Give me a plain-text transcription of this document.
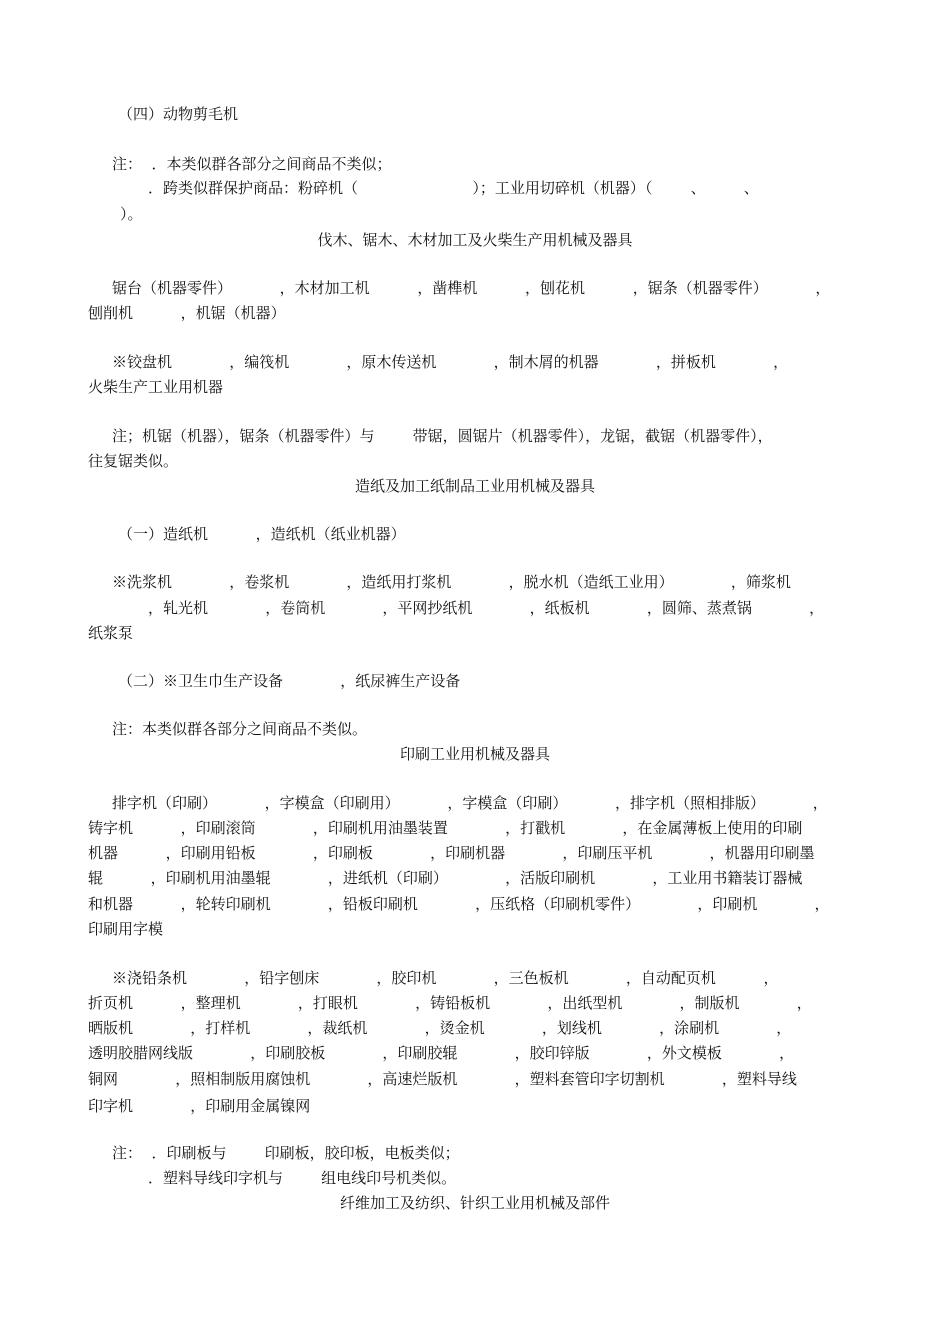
（四）动物剪毛机
注：  ．本类似群各部分之间商品不类似；
．跨类似群保护商品：粉碎机（                        ）；工业用切碎机（机器）（        、        、
）。
伐木、锯木、木材加工及火柴生产用机械及器具
锯台（机器零件）          ，木材加工机          ，凿榫机          ，刨花机          ，锯条（机器零件）          ，
刨削机          ，机锯（机器）
※铰盘机            ，编筏机            ，原木传送机            ，制木屑的机器            ，拼板机            ，
火柴生产工业用机器
注；机锯（机器），锯条（机器零件）与        带锯，圆锯片（机器零件），龙锯，截锯（机器零件），
往复锯类似。
造纸及加工纸制品工业用机械及器具
（一）造纸机          ，造纸机（纸业机器）
※洗浆机            ，卷浆机            ，造纸用打浆机            ，脱水机（造纸工业用）            ，筛浆机
，轧光机            ，卷筒机            ，平网抄纸机            ，纸板机            ，圆筛、蒸煮锅            ，
纸浆泵
（二）※卫生巾生产设备            ，纸尿裤生产设备
注：本类似群各部分之间商品不类似。
印刷工业用机械及器具
排字机（印刷）          ，字模盒（印刷用）          ，字模盒（印刷）          ，排字机（照相排版）          ，
铸字机          ，印刷滚筒            ，印刷机用油墨装置            ，打戳机            ，在金属薄板上使用的印刷
机器          ，印刷用铅板            ，印刷板            ，印刷机器            ，印刷压平机            ，机器用印刷墨
辊          ，印刷机用油墨辊            ，进纸机（印刷）            ，活版印刷机            ，工业用书籍装订器械
和机器          ，轮转印刷机            ，铅板印刷机            ，压纸格（印刷机零件）            ，印刷机            ，
印刷用字模
※浇铅条机            ，铅字刨床            ，胶印机            ，三色板机            ，自动配页机          ，
折页机          ，整理机            ，打眼机            ，铸铅板机            ，出纸型机            ，制版机            ，
晒版机            ，打样机            ，裁纸机            ，烫金机            ，划线机            ，涂刷机            ，
透明胶腊网线版            ，印刷胶板            ，印刷胶辊            ，胶印锌版            ，外文模板            ，
铜网            ，照相制版用腐蚀机            ，高速烂版机            ，塑料套管印字切割机            ，塑料导线
印字机            ，印刷用金属镍网
注：  ．印刷板与        印刷板，胶印板，电板类似；
．塑料导线印字机与        组电线印号机类似。
纤维加工及纺织、针织工业用机械及部件
